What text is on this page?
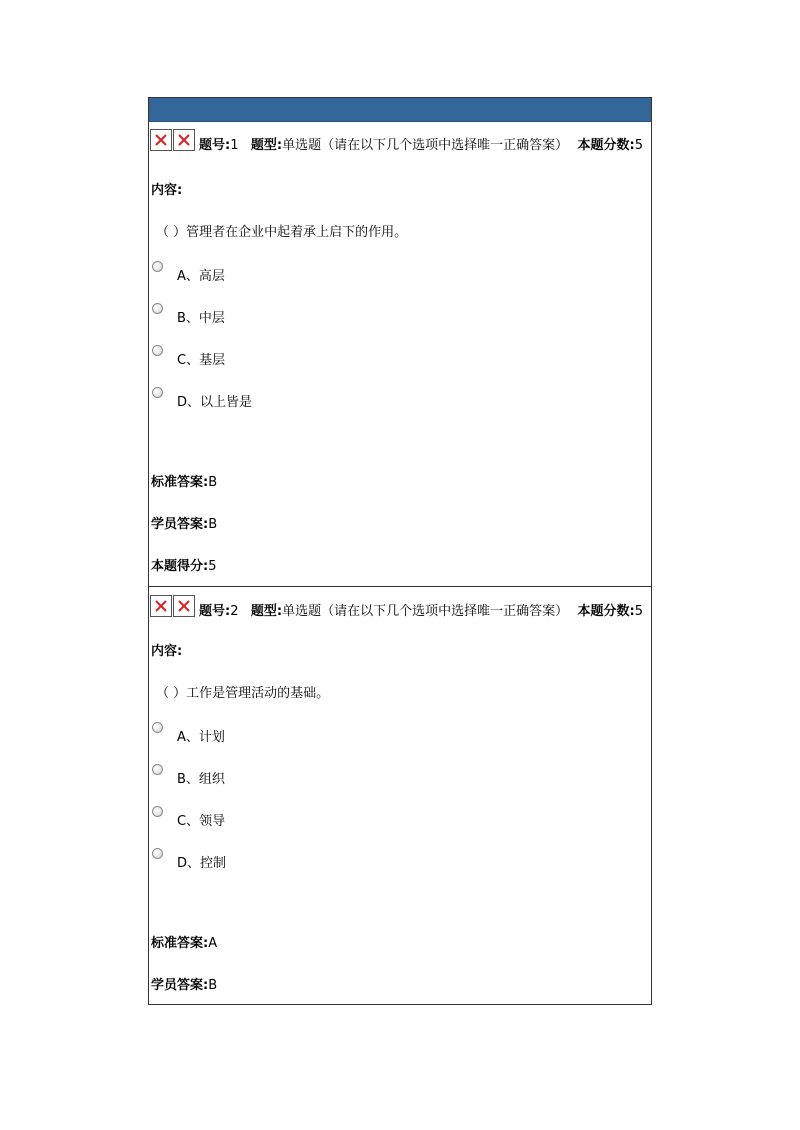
题号:1 题型:单选题（请在以下几个选项中选择唯一正确答案） 本题分数:5
内容:
（ ）管理者在企业中起着承上启下的作用。
A、高层
B、中层
C、基层
D、以上皆是
标准答案:B
学员答案:B
本题得分:5
题号:2 题型:单选题（请在以下几个选项中选择唯一正确答案） 本题分数:5
内容:
（ ）工作是管理活动的基础。
A、计划
B、组织
C、领导
D、控制
标准答案:A
学员答案:B
